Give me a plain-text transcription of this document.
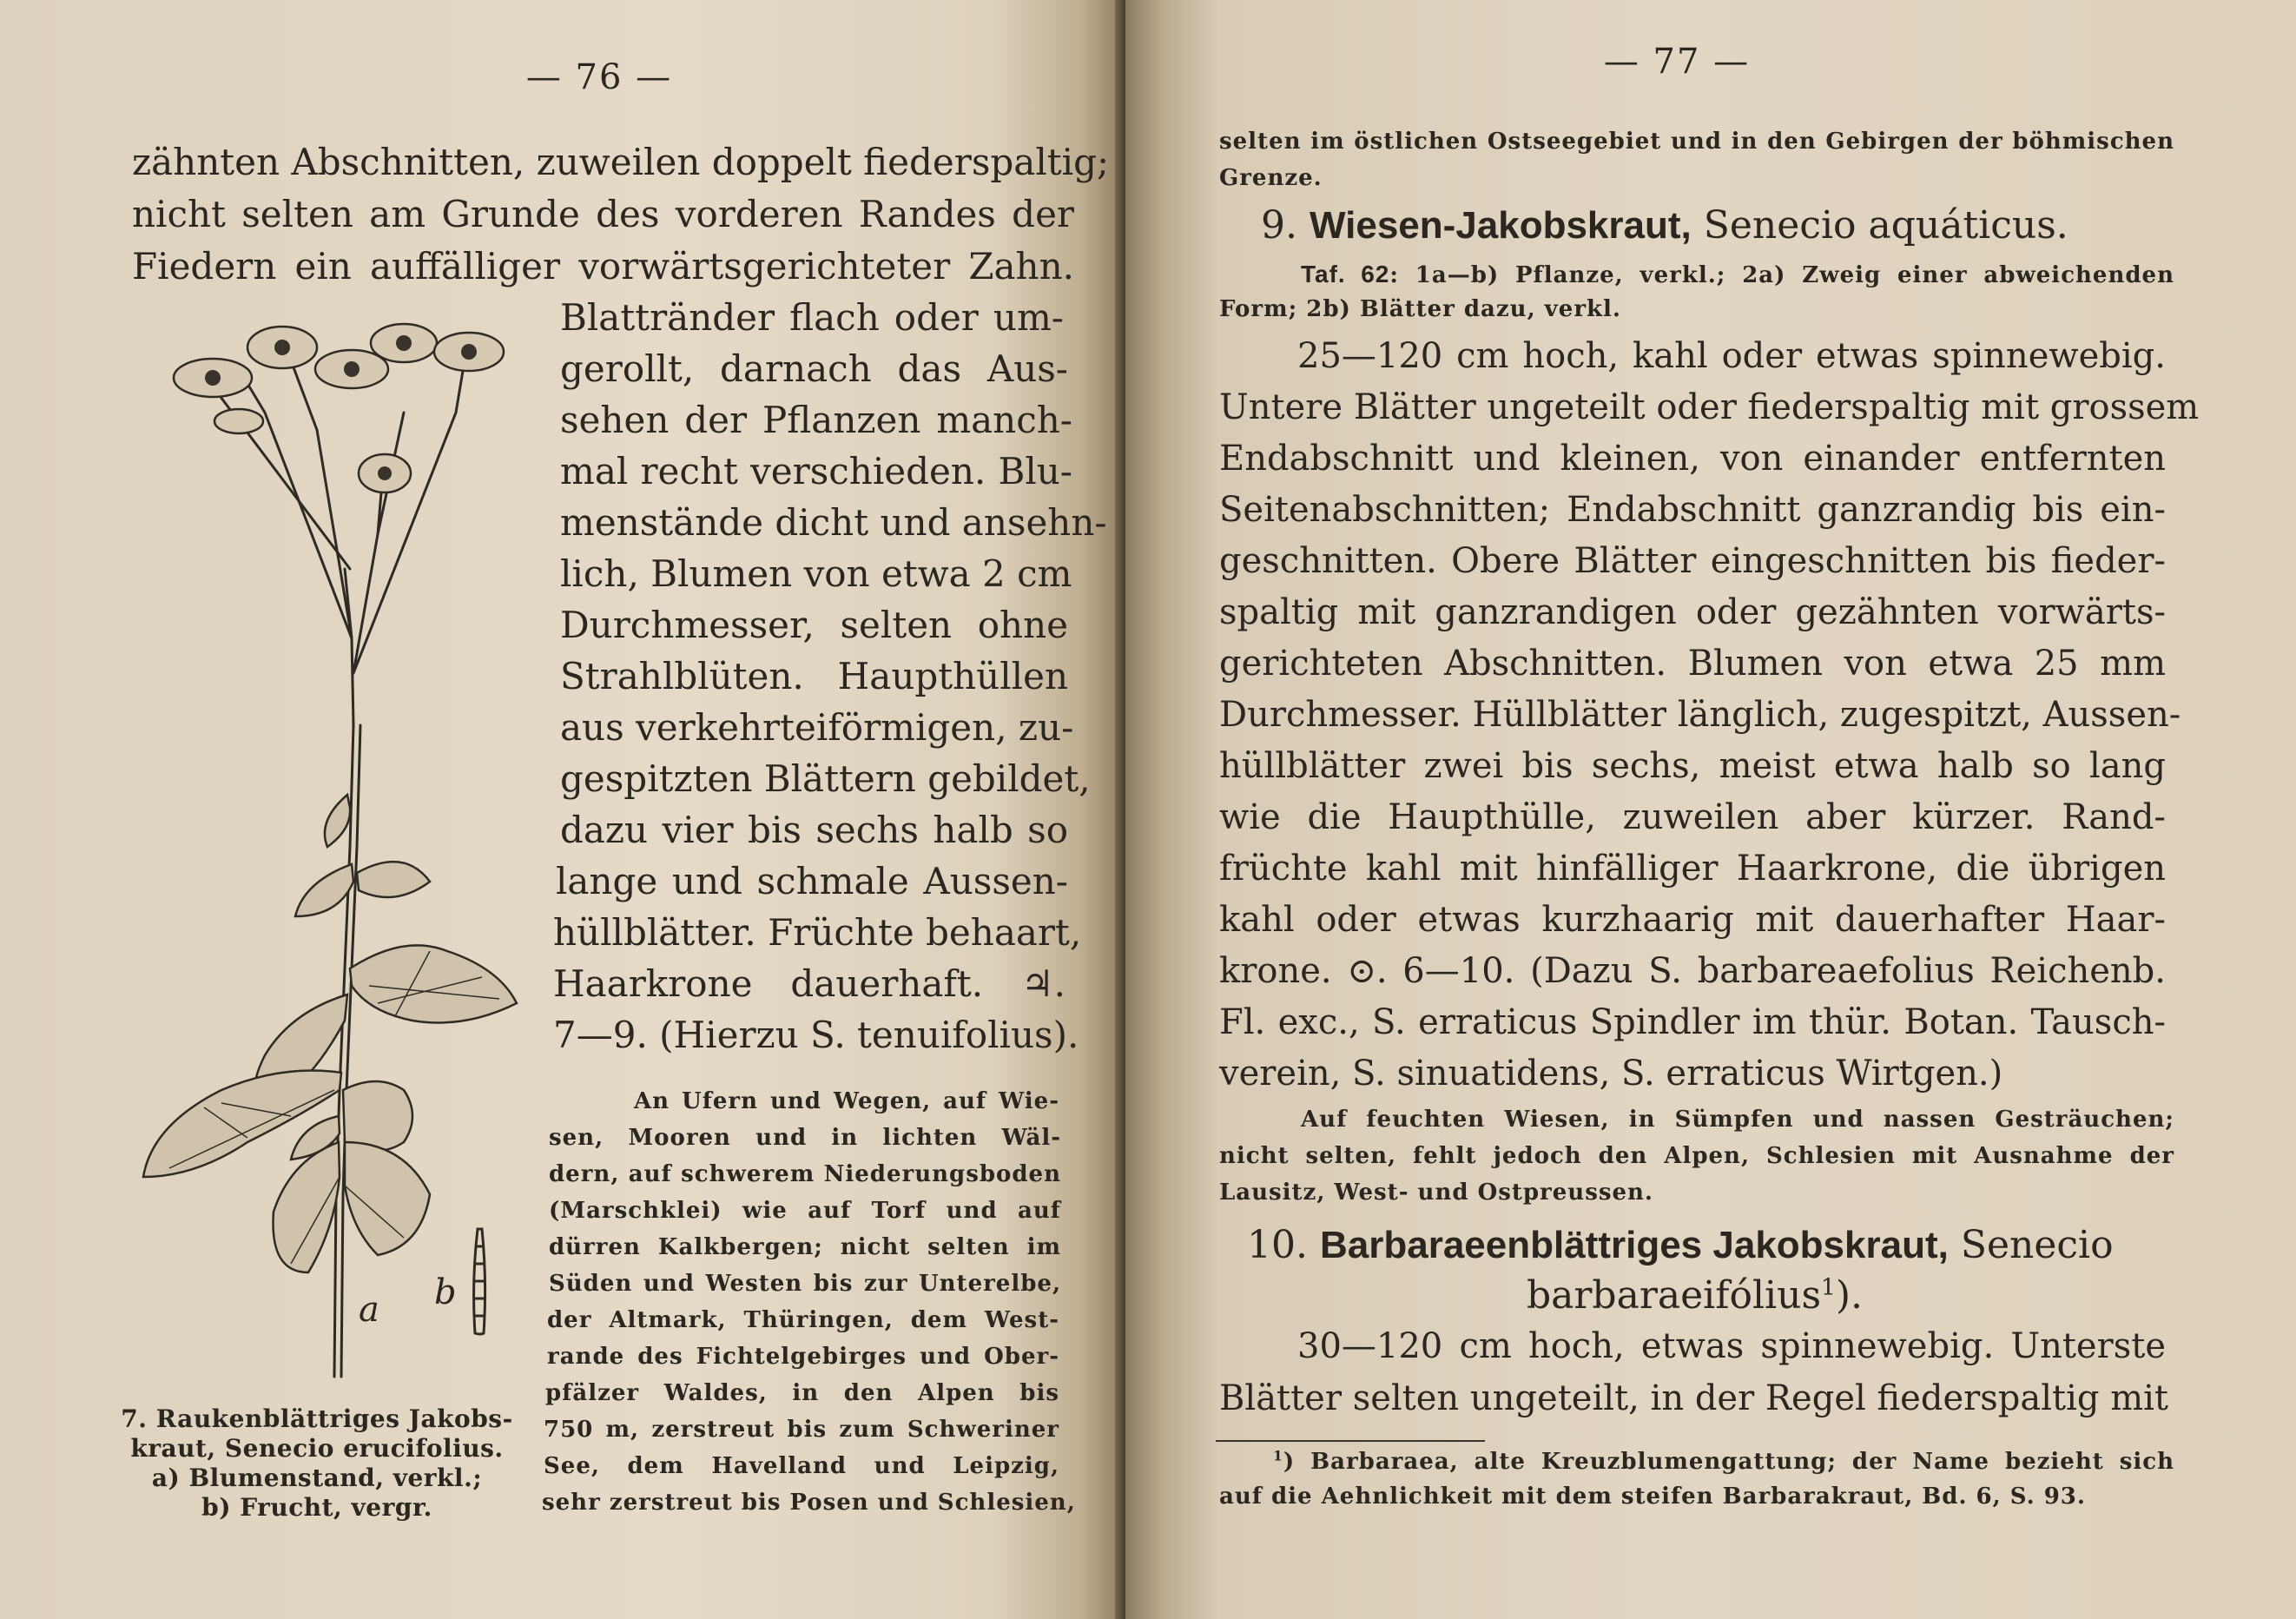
— 76 —

zähnten Abschnitten, zuweilen doppelt fiederspaltig;

nicht selten am Grunde des vorderen Randes der

Fiedern ein auffälliger vorwärtsgerichteter Zahn.

Blattränder flach oder um-

gerollt, darnach das Aus-

sehen der Pflanzen manch-

mal recht verschieden. Blu-

menstände dicht und ansehn-

lich, Blumen von etwa 2 cm

Durchmesser, selten ohne

Strahlblüten. Haupthüllen

aus verkehrteiförmigen, zu-

gespitzten Blättern gebildet,

dazu vier bis sechs halb so

lange und schmale Aussen-

hüllblätter. Früchte behaart,

Haarkrone dauerhaft. ♃.

7—9. (Hierzu S. tenuifolius).

An Ufern und Wegen, auf Wie-

sen, Mooren und in lichten Wäl-

dern, auf schwerem Niederungsboden

(Marschklei) wie auf Torf und auf

dürren Kalkbergen; nicht selten im

Süden und Westen bis zur Unterelbe,

der Altmark, Thüringen, dem West-

rande des Fichtelgebirges und Ober-

pfälzer Waldes, in den Alpen bis

750 m, zerstreut bis zum Schweriner

See, dem Havelland und Leipzig,

sehr zerstreut bis Posen und Schlesien,

a b

7. Raukenblättriges Jakobs-

kraut, Senecio erucifolius.

a) Blumenstand, verkl.;

b) Frucht, vergr.

— 77 —

selten im östlichen Ostseegebiet und in den Gebirgen der böhmischen

Grenze.

9. Wiesen-Jakobskraut, Senecio aquáticus.
Taf. 62: 1a—b) Pflanze, verkl.; 2a) Zweig einer abweichenden

Form; 2b) Blätter dazu, verkl.

25—120 cm hoch, kahl oder etwas spinnewebig.

Untere Blätter ungeteilt oder fiederspaltig mit grossem

Endabschnitt und kleinen, von einander entfernten

Seitenabschnitten; Endabschnitt ganzrandig bis ein-

geschnitten. Obere Blätter eingeschnitten bis fieder-

spaltig mit ganzrandigen oder gezähnten vorwärts-

gerichteten Abschnitten. Blumen von etwa 25 mm

Durchmesser. Hüllblätter länglich, zugespitzt, Aussen-

hüllblätter zwei bis sechs, meist etwa halb so lang

wie die Haupthülle, zuweilen aber kürzer. Rand-

früchte kahl mit hinfälliger Haarkrone, die übrigen

kahl oder etwas kurzhaarig mit dauerhafter Haar-

krone. ⊙. 6—10. (Dazu S. barbareaefolius Reichenb.

Fl. exc., S. erraticus Spindler im thür. Botan. Tausch-

verein, S. sinuatidens, S. erraticus Wirtgen.)

Auf feuchten Wiesen, in Sümpfen und nassen Gesträuchen;

nicht selten, fehlt jedoch den Alpen, Schlesien mit Ausnahme der

Lausitz, West- und Ostpreussen.

10. Barbaraeenblättriges Jakobskraut, Senecio
barbaraeifólius$^1$).

30—120 cm hoch, etwas spinnewebig. Unterste

Blätter selten ungeteilt, in der Regel fiederspaltig mit

$^1$) Barbaraea, alte Kreuzblumengattung; der Name bezieht sich

auf die Aehnlichkeit mit dem steifen Barbarakraut, Bd. 6, S. 93.
